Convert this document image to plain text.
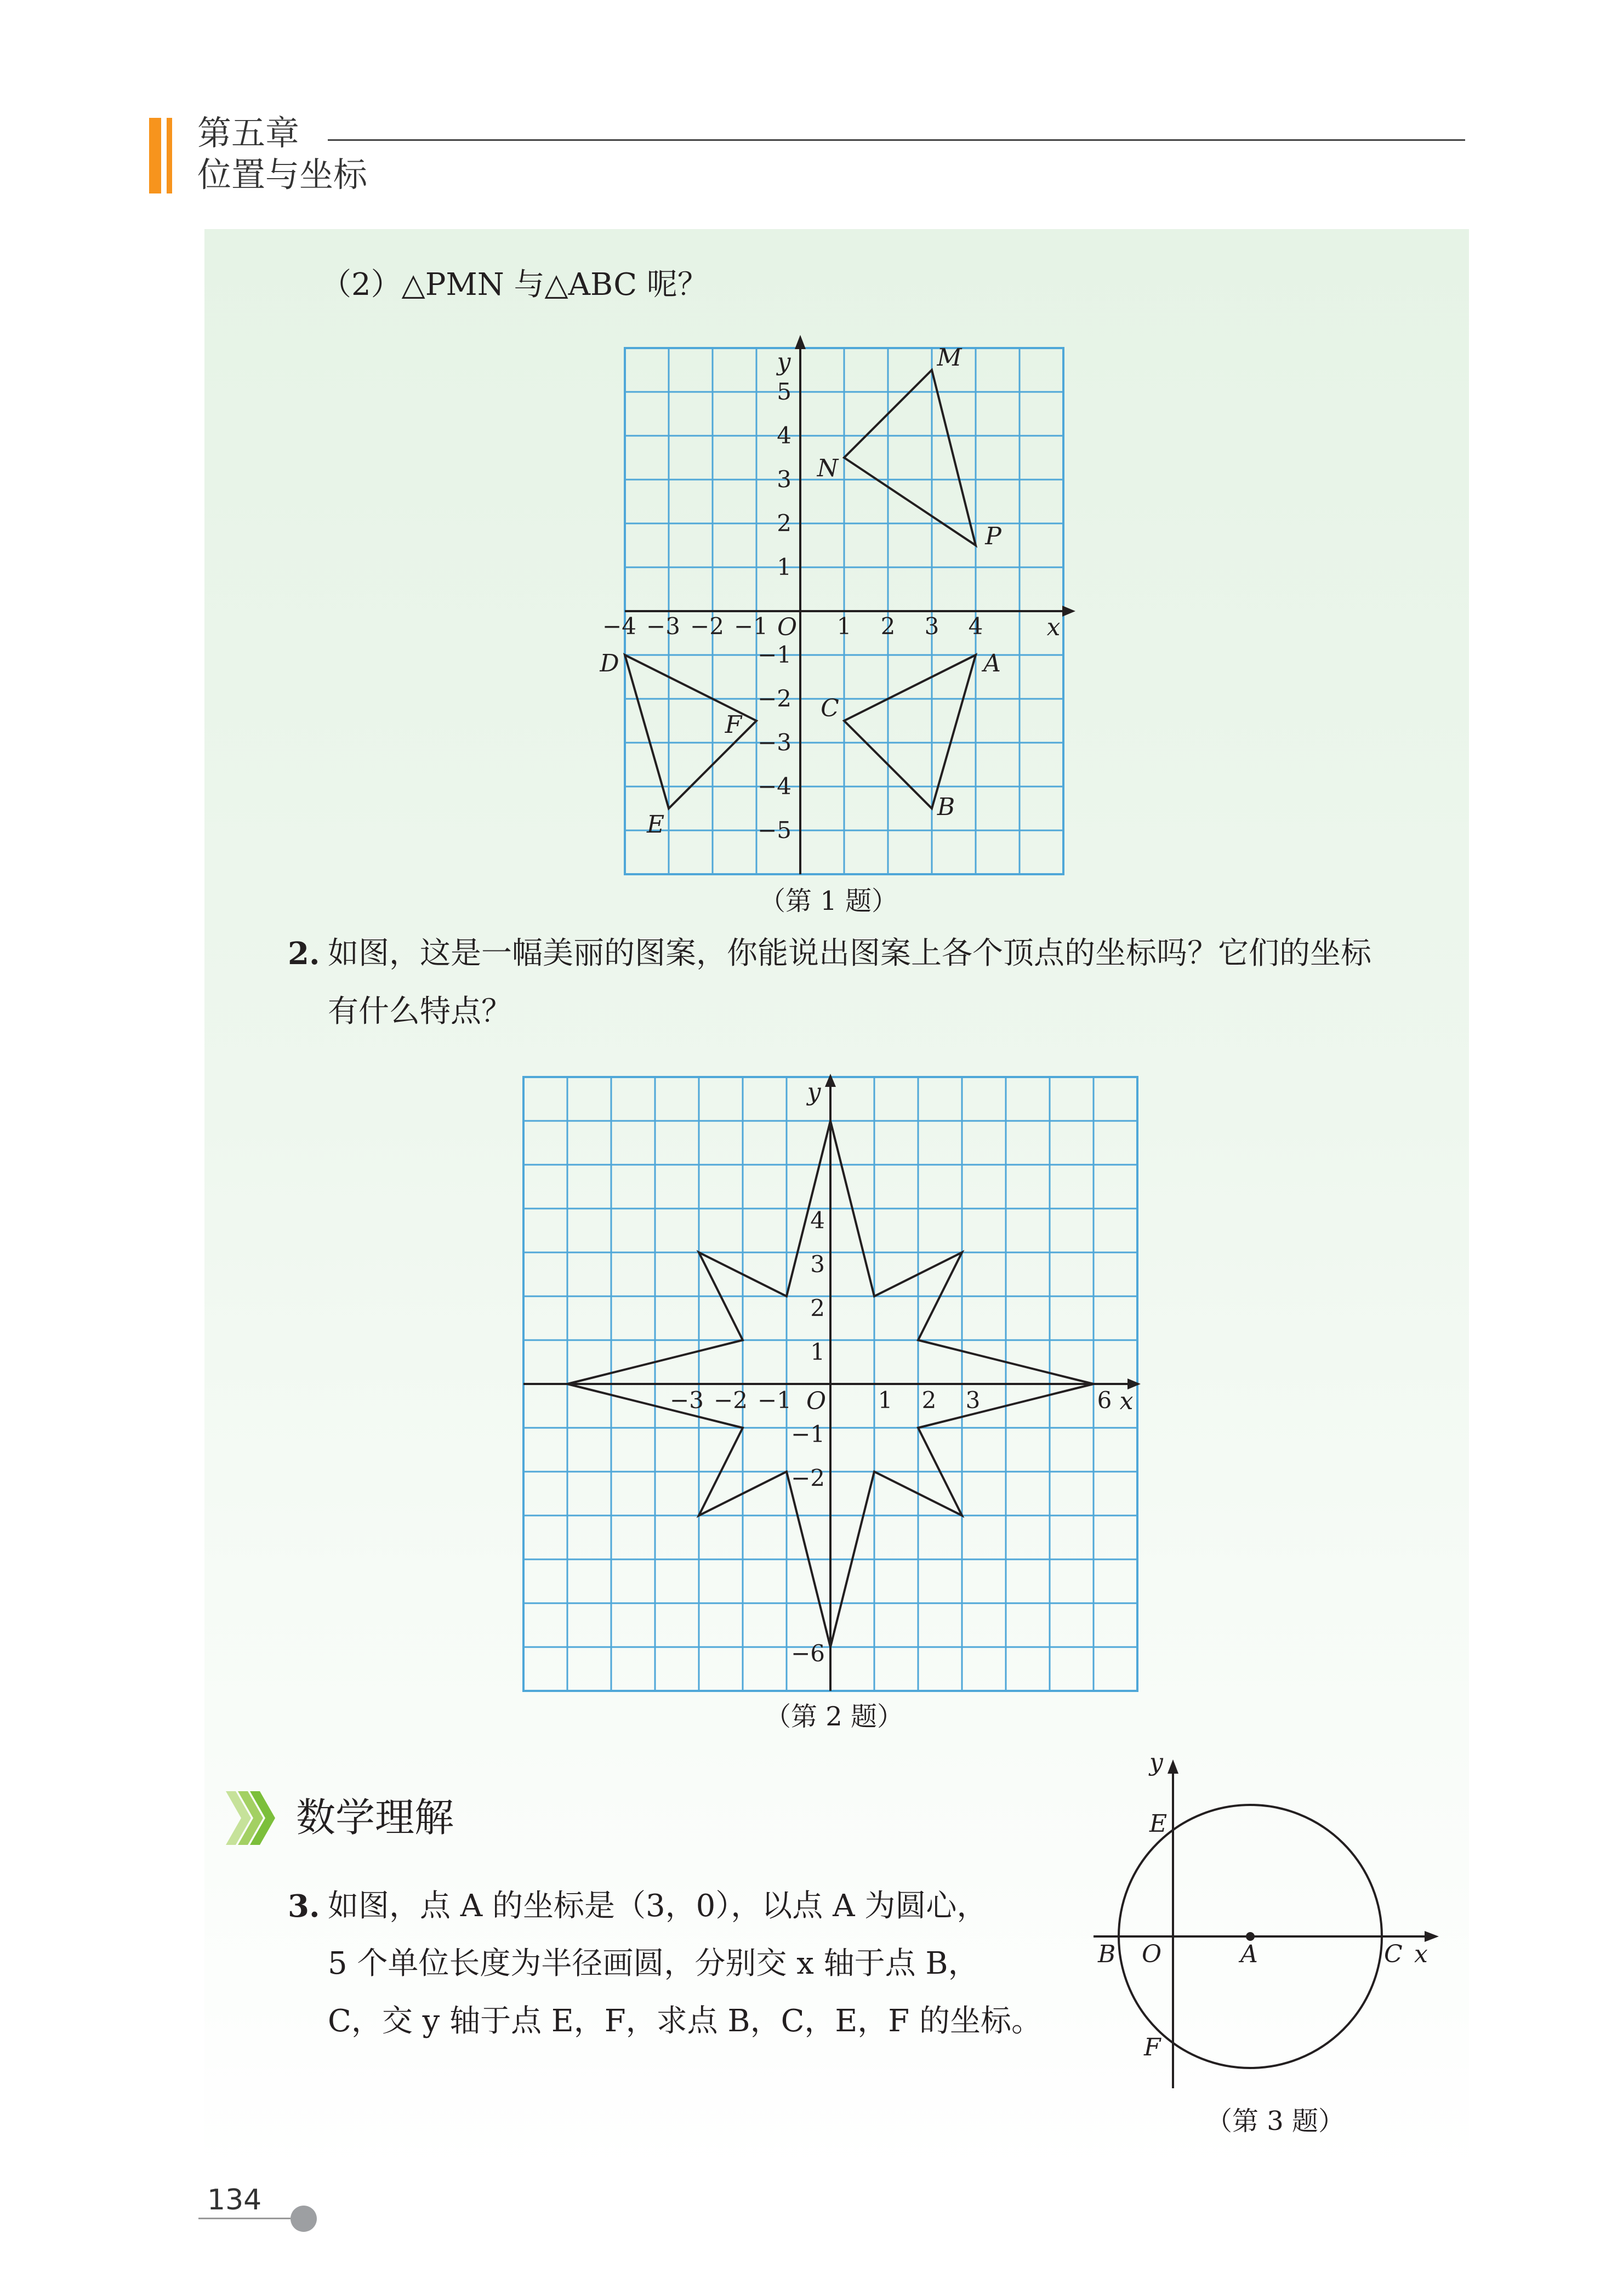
第五章
位置与坐标
（2）△PMN 与△ABC 呢？
−4 −3 −2 −1	1 2 3 4
5
4
3
2
1
−1
−2
−3
−4
−5
O	x
y	M
N
P
A
B
C
D
E
F
（第 1 题）
2. 如图，这是一幅美丽的图案，你能说出图案上各个顶点的坐标吗？它们的坐标
有什么特点？
−3 −2 −1	1 2 3	6
4
3
2
1
−1
−2
−6
O	x
y
（第 2 题）
数学理解
3. 如图，点 A 的坐标是（3，0），以点 A 为圆心，
5 个单位长度为半径画圆，分别交 x 轴于点 B，
C，交 y 轴于点 E，F，求点 B，C，E，F 的坐标。
y
E
B O	A	C x
F
（第 3 题）
134
